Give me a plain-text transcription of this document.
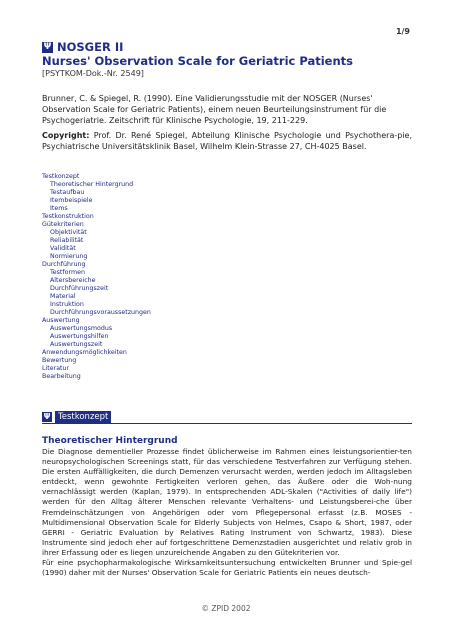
1/9
Ψ NOSGER II
Nurses' Observation Scale for Geriatric Patients
[PSYTKOM-Dok.-Nr. 2549]
Brunner, C. & Spiegel, R. (1990). Eine Validierungsstudie mit der NOSGER (Nurses' Observation Scale for Geriatric Patients), einem neuen Beurteilungsinstrument für die Psychogeriatrie. Zeitschrift für Klinische Psychologie, 19, 211-229.
Copyright: Prof. Dr. René Spiegel, Abteilung Klinische Psychologie und Psychothera-pie, Psychiatrische Universitätsklinik Basel, Wilhelm Klein-Strasse 27, CH-4025 Basel.
Testkonzept
Theoretischer Hintergrund
Testaufbau
Itembeispiele
Items
Testkonstruktion
Gütekriterien
Objektivität
Reliabilität
Validität
Normierung
Durchführung
Testformen
Altersbereiche
Durchführungszeit
Material
Instruktion
Durchführungsvoraussetzungen
Auswertung
Auswertungsmodus
Auswertungshilfen
Auswertungszeit
Anwendungsmöglichkeiten
Bewertung
Literatur
Bearbeitung
Ψ Testkonzept
Theoretischer Hintergrund

Die Diagnose dementieller Prozesse findet üblicherweise im Rahmen eines leistungsorientier-ten neuropsychologischen Screenings statt, für das verschiedene Testverfahren zur Verfügung stehen. Die ersten Auffälligkeiten, die durch Demenzen verursacht werden, werden jedoch im Alltagsleben entdeckt, wenn gewohnte Fertigkeiten verloren gehen, das Äußere oder die Woh-nung vernachlässigt werden (Kaplan, 1979). In entsprechenden ADL-Skalen ("Activities of daily life") werden für den Alltag älterer Menschen relevante Verhaltens- und Leistungsberei-che über Fremdeinschätzungen von Angehörigen oder vom Pflegepersonal erfasst (z.B. MOSES - Multidimensional Observation Scale for Elderly Subjects von Helmes, Csapo & Short, 1987, oder GERRI - Geriatric Evaluation by Relatives Rating Instrument von Schwartz, 1983). Diese Instrumente sind jedoch eher auf fortgeschrittene Demenzstadien ausgerichtet und relativ grob in ihrer Erfassung oder es liegen unzureichende Angaben zu den Gütekriterien vor.

Für eine psychopharmakologische Wirksamkeitsuntersuchung entwickelten Brunner und Spie-gel (1990) daher mit der Nurses' Observation Scale for Geriatric Patients ein neues deutsch-

© ZPID 2002
